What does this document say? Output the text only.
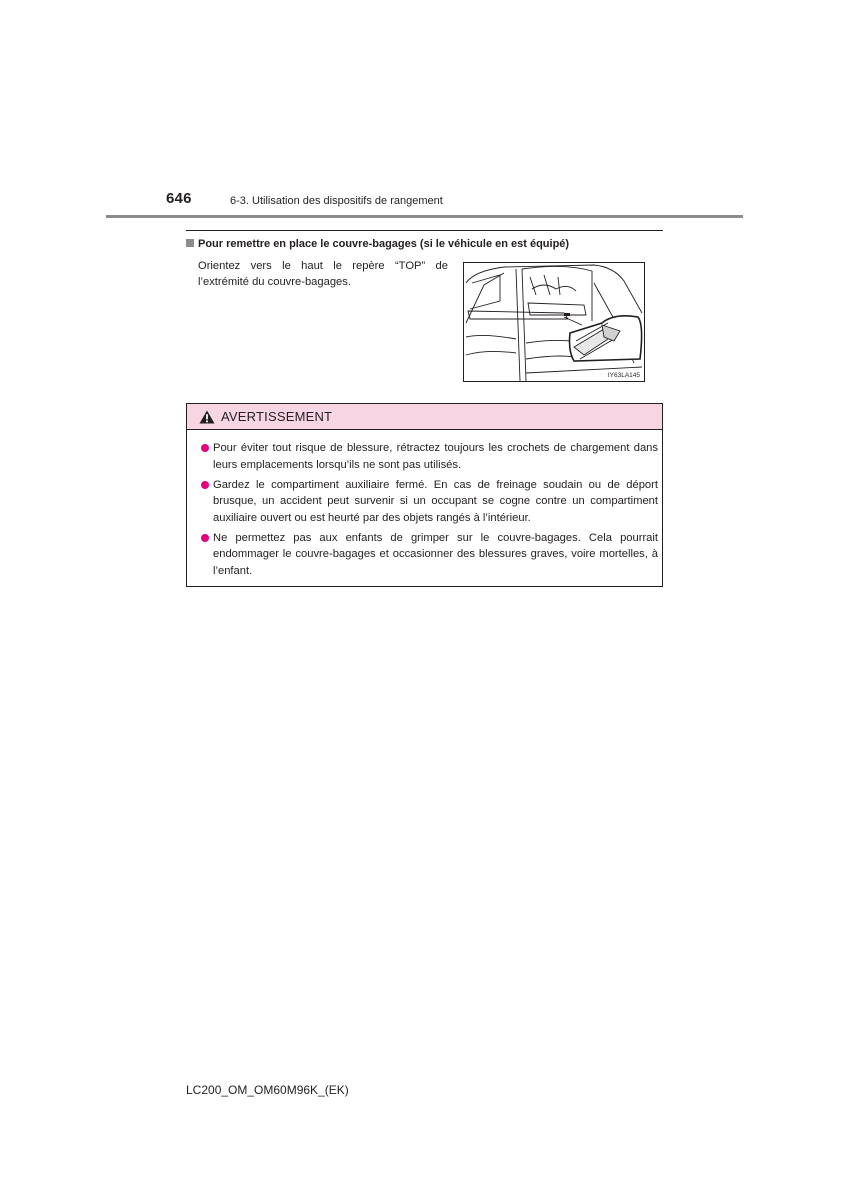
646	6-3. Utilisation des dispositifs de rangement
Pour remettre en place le couvre-bagages (si le véhicule en est équipé)
Orientez vers le haut le repère “TOP” de l’extrémité du couvre-bagages.
IY63LA145
AVERTISSEMENT
Pour éviter tout risque de blessure, rétractez toujours les crochets de chargement dans leurs emplacements lorsqu’ils ne sont pas utilisés.
Gardez le compartiment auxiliaire fermé. En cas de freinage soudain ou de déport brusque, un accident peut survenir si un occupant se cogne contre un compartiment auxiliaire ouvert ou est heurté par des objets rangés à l’intérieur.
Ne permettez pas aux enfants de grimper sur le couvre-bagages. Cela pourrait endommager le couvre-bagages et occasionner des blessures graves, voire mortelles, à l’enfant.
LC200_OM_OM60M96K_(EK)
